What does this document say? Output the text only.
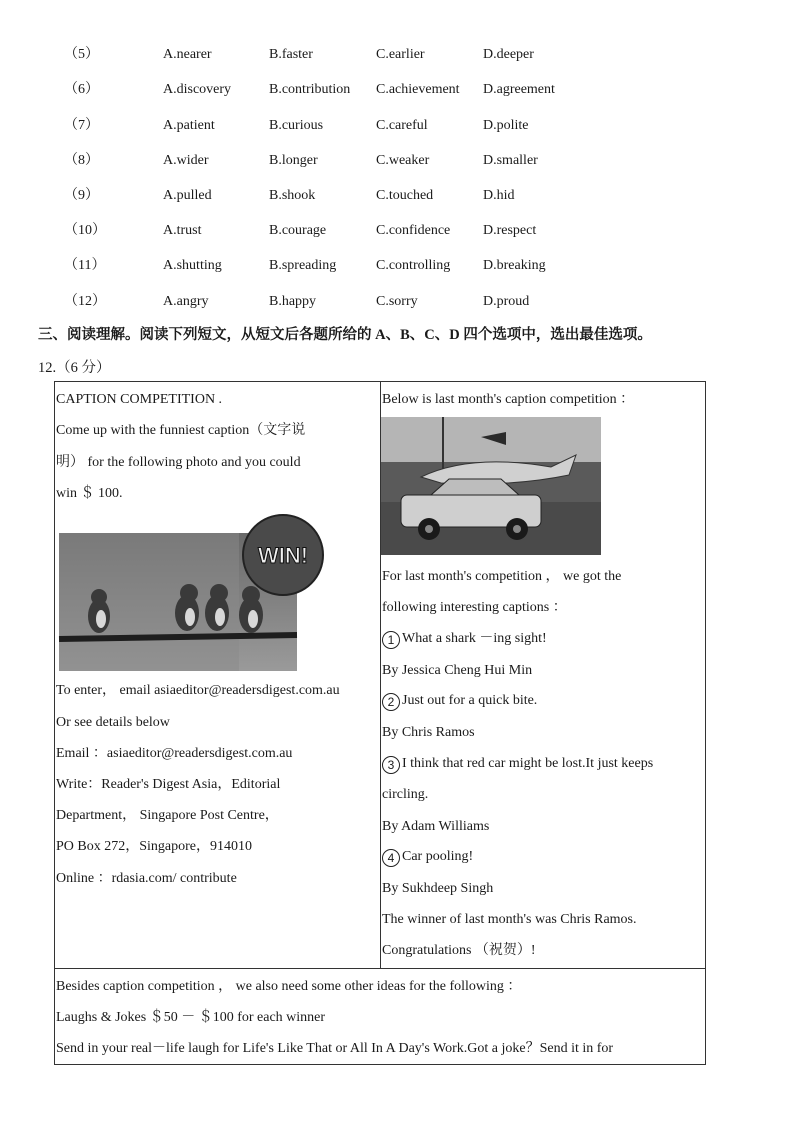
（5）	A.nearer	B.faster	C.earlier	D.deeper
（6）	A.discovery	B.contribution C.achievement D.agreement
（7）	A.patient	B.curious	C.careful	D.polite
（8）	A.wider	B.longer	C.weaker	D.smaller
（9）	A.pulled	B.shook	C.touched	D.hid
（10）	A.trust	B.courage	C.confidence D.respect
（11）	A.shutting	B.spreading	C.controlling D.breaking
（12）	A.angry	B.happy	C.sorry	D.proud
三、阅读理解。阅读下列短文，从短文后各题所给的 A、B、C、D 四个选项中，选出最佳选项。
12.（6 分）
CAPTION COMPETITION .
Come up with the funniest caption（文字说
明） for the following photo and you could
win ＄ 100.
WIN!
To enter， email asiaeditor@readersdigest.com.au
Or see details below
Email ：asiaeditor@readersdigest.com.au
Write：Reader's Digest Asia，Editorial
Department， Singapore Post Centre，
PO Box 272，Singapore，914010
Online ：rdasia.com/ contribute
Below is last month's caption competition ：
For last month's competition ， we got the
following interesting captions ：
1 What a shark －ing sight!
By Jessica Cheng Hui Min
2 Just out for a quick bite.
By Chris Ramos
3 I think that red car might be lost.It just keeps
circling.
By Adam Williams
4 Car pooling!
By Sukhdeep Singh
The winner of last month's was Chris Ramos.
Congratulations （祝贺）!
Besides caption competition ， we also need some other ideas for the following ：
Laughs & Jokes ＄50 － ＄100 for each winner
Send in your real－life laugh for Life's Like That or All In A Day's Work.Got a joke？Send it in for
